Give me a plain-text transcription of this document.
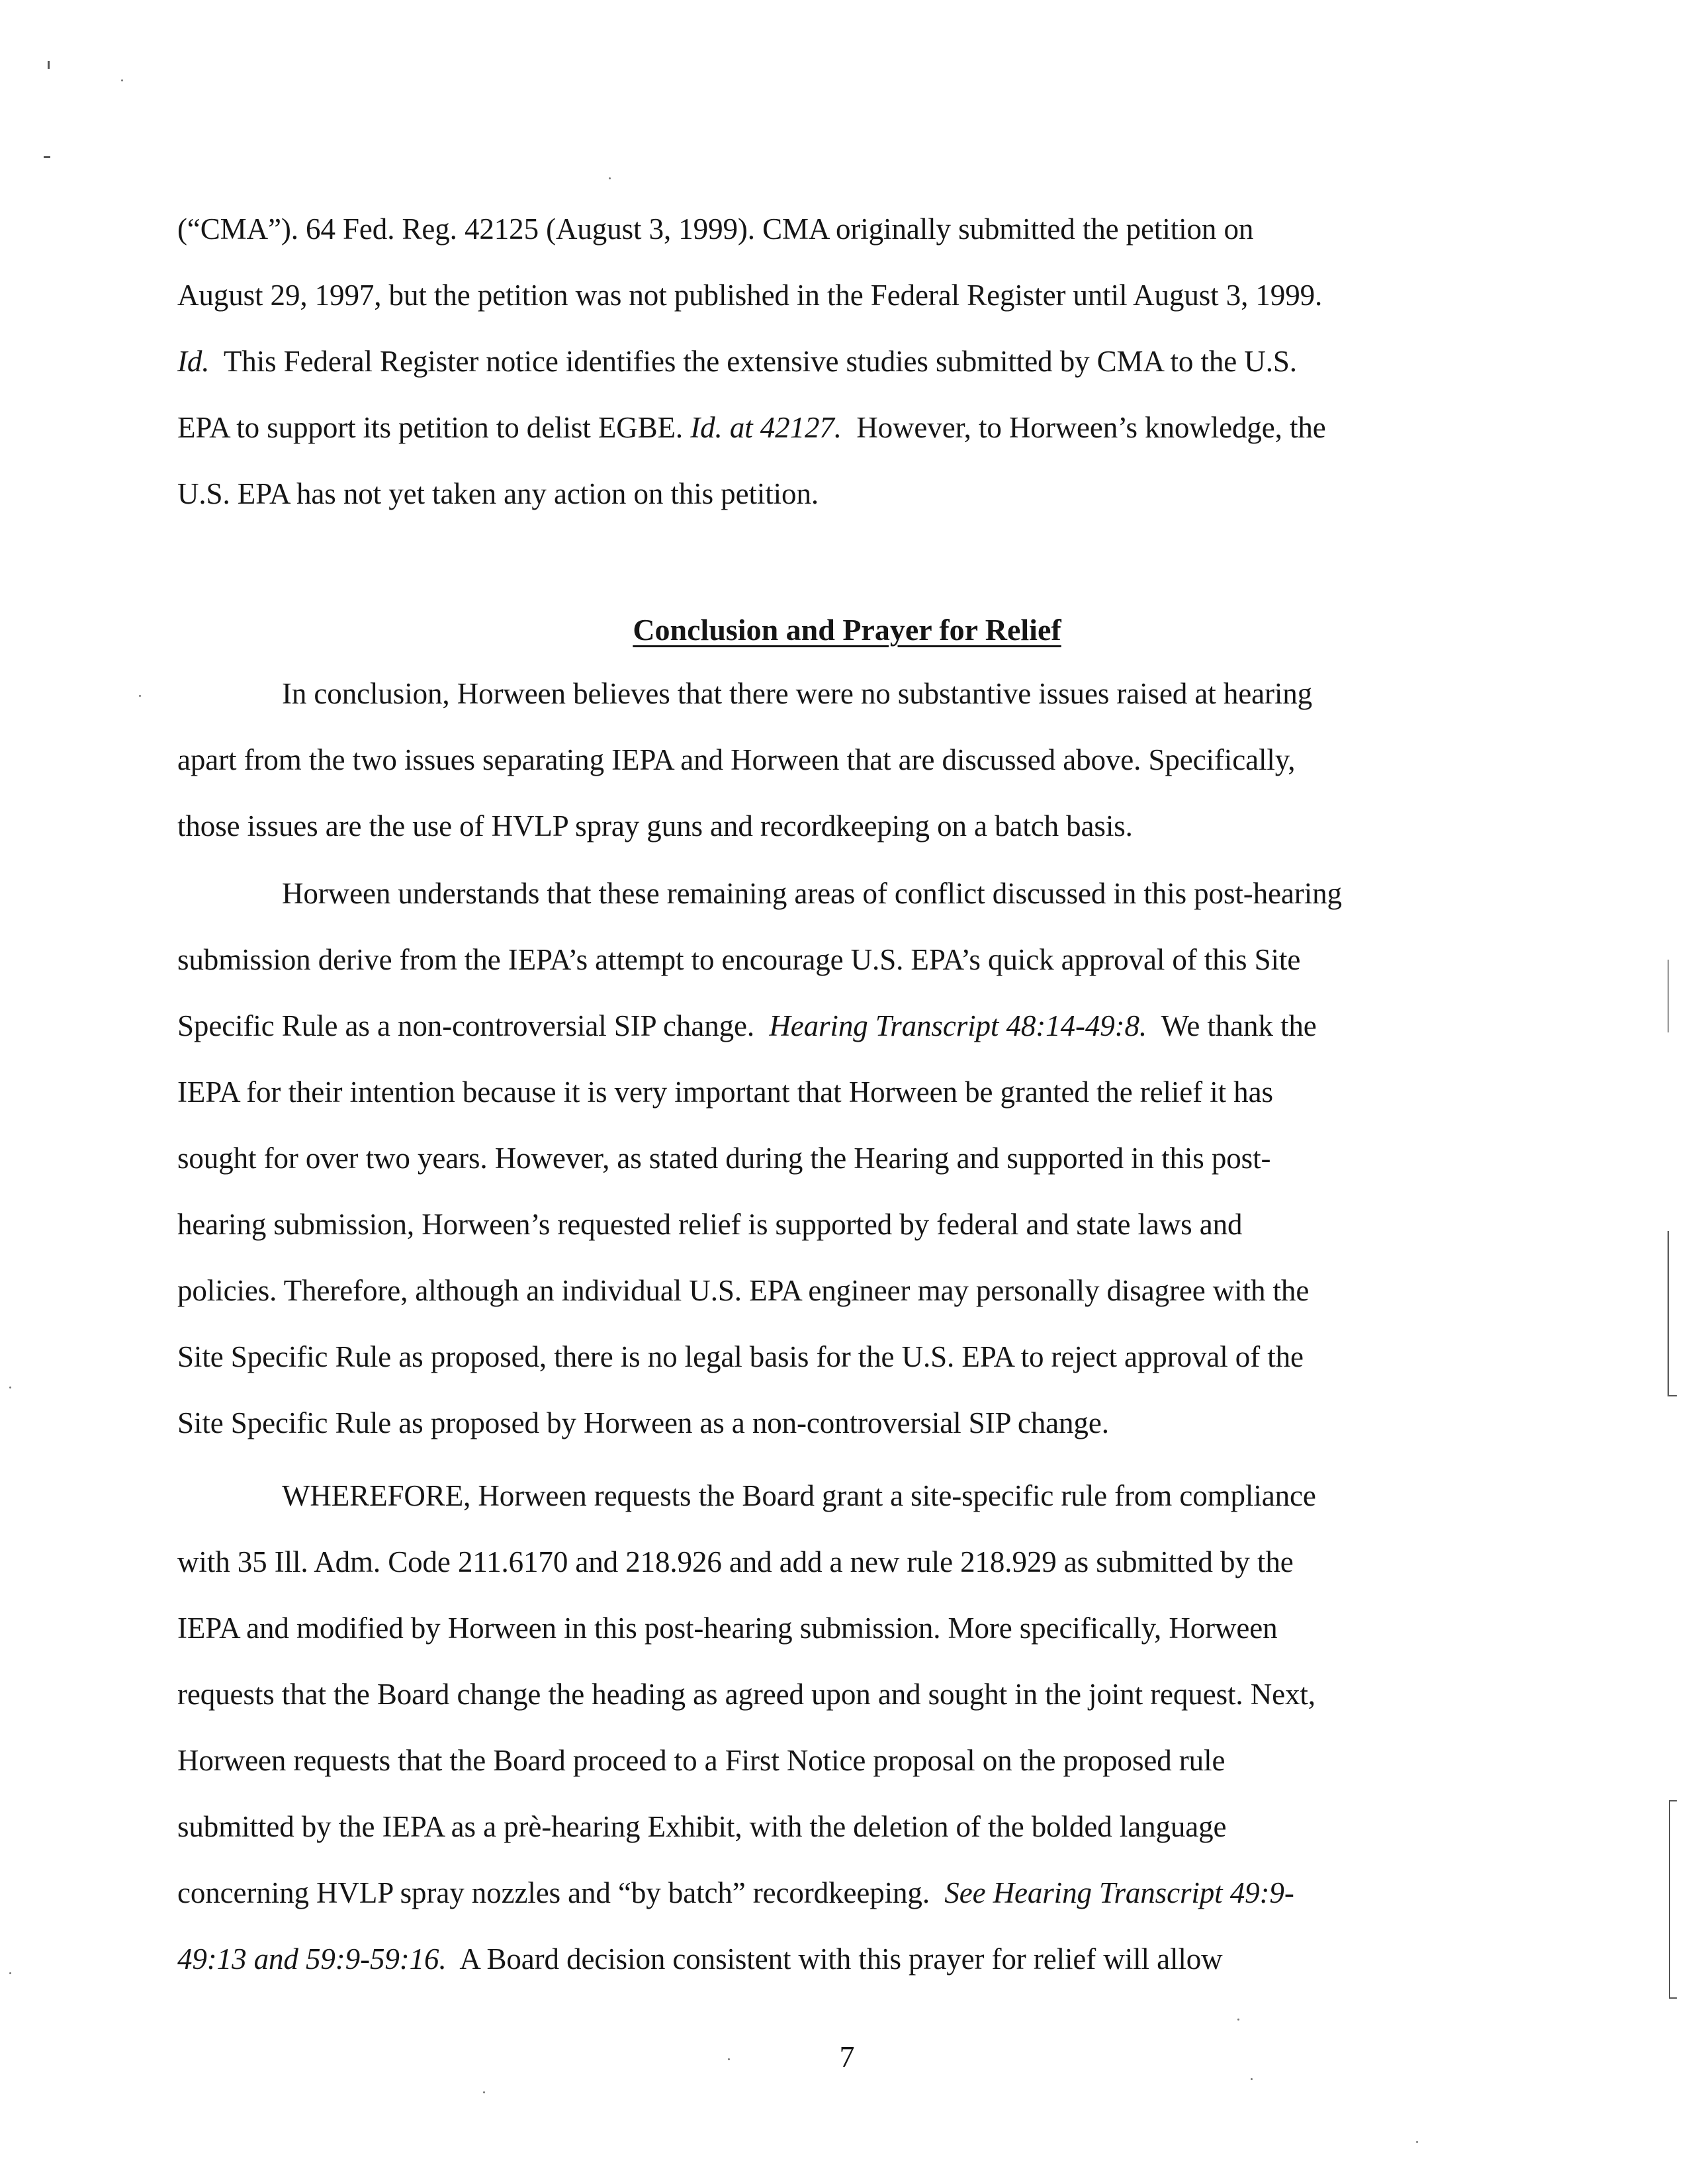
(“CMA”). 64 Fed. Reg. 42125 (August 3, 1999). CMA originally submitted the petition on
August 29, 1997, but the petition was not published in the Federal Register until August 3, 1999.
Id.  This Federal Register notice identifies the extensive studies submitted by CMA to the U.S.
EPA to support its petition to delist EGBE. Id. at 42127.  However, to Horween’s knowledge, the
U.S. EPA has not yet taken any action on this petition.
Conclusion and Prayer for Relief
In conclusion, Horween believes that there were no substantive issues raised at hearing
apart from the two issues separating IEPA and Horween that are discussed above. Specifically,
those issues are the use of HVLP spray guns and recordkeeping on a batch basis.
Horween understands that these remaining areas of conflict discussed in this post-hearing
submission derive from the IEPA’s attempt to encourage U.S. EPA’s quick approval of this Site
Specific Rule as a non-controversial SIP change.  Hearing Transcript 48:14-49:8.  We thank the
IEPA for their intention because it is very important that Horween be granted the relief it has
sought for over two years. However, as stated during the Hearing and supported in this post-
hearing submission, Horween’s requested relief is supported by federal and state laws and
policies. Therefore, although an individual U.S. EPA engineer may personally disagree with the
Site Specific Rule as proposed, there is no legal basis for the U.S. EPA to reject approval of the
Site Specific Rule as proposed by Horween as a non-controversial SIP change.
WHEREFORE, Horween requests the Board grant a site-specific rule from compliance
with 35 Ill. Adm. Code 211.6170 and 218.926 and add a new rule 218.929 as submitted by the
IEPA and modified by Horween in this post-hearing submission. More specifically, Horween
requests that the Board change the heading as agreed upon and sought in the joint request. Next,
Horween requests that the Board proceed to a First Notice proposal on the proposed rule
submitted by the IEPA as a prè-hearing Exhibit, with the deletion of the bolded language
concerning HVLP spray nozzles and “by batch” recordkeeping.  See Hearing Transcript 49:9-
49:13 and 59:9-59:16.  A Board decision consistent with this prayer for relief will allow
7
